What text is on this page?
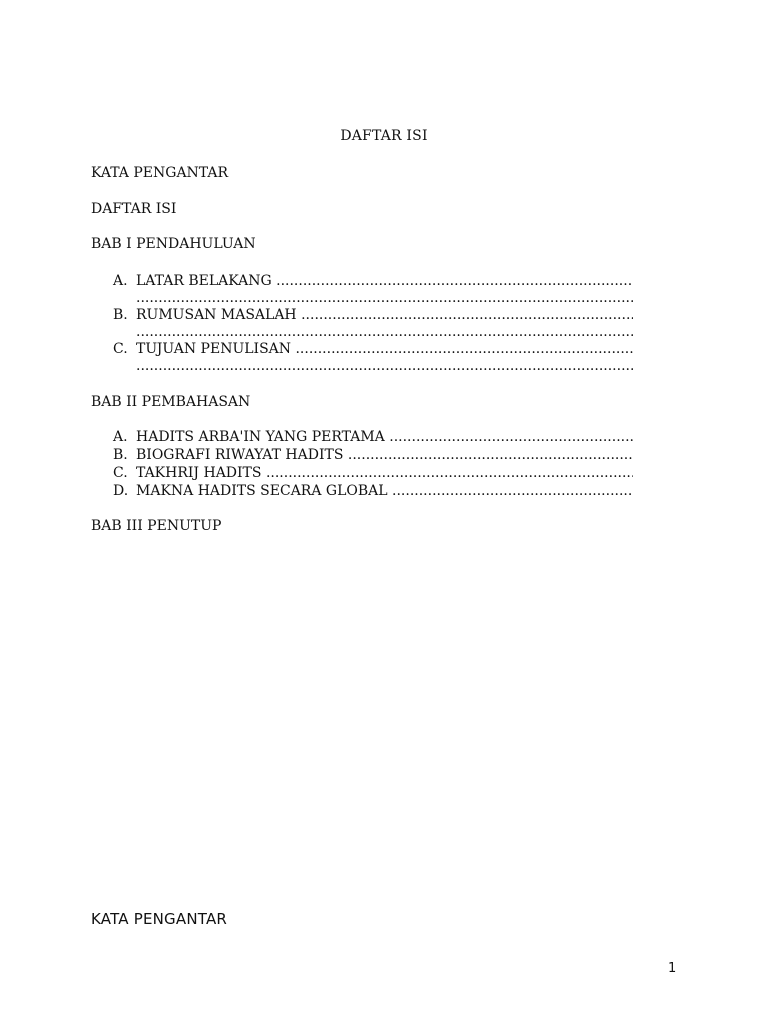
DAFTAR ISI
KATA PENGANTAR
DAFTAR ISI
BAB I PENDAHULUAN
A. LATAR BELAKANG .....
.....
B. RUMUSAN MASALAH .....
.....
C. TUJUAN PENULISAN .....
.....
BAB II PEMBAHASAN
A. HADITS ARBA'IN YANG PERTAMA .....
B. BIOGRAFI RIWAYAT HADITS .....
C. TAKHRIJ HADITS .....
D. MAKNA HADITS SECARA GLOBAL .....
BAB III PENUTUP
KATA PENGANTAR
1
